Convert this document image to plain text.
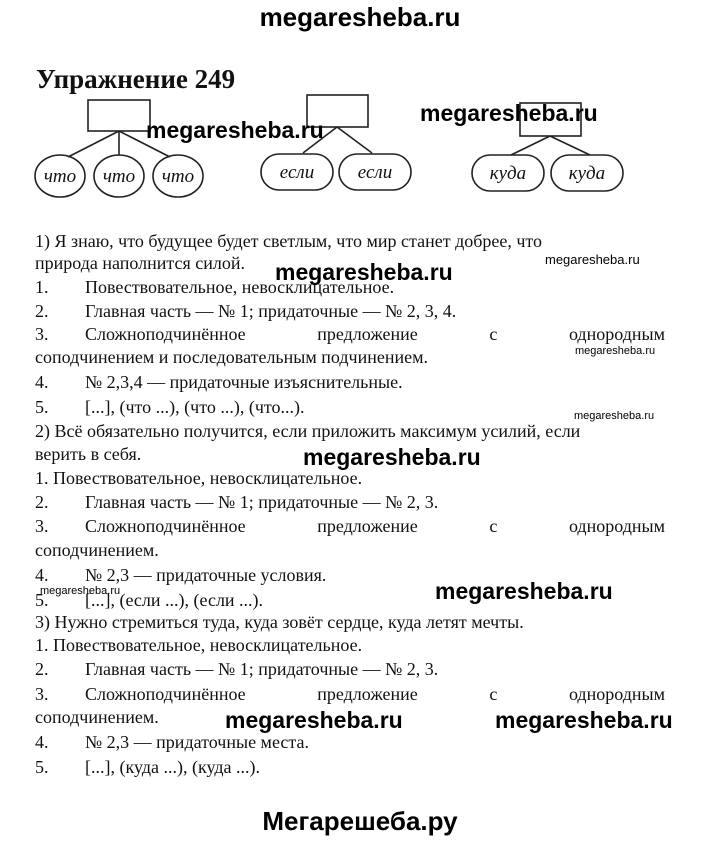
megaresheba.ru
Упражнение 249
что что что	если если	куда куда
1) Я знаю, что будущее будет светлым, что мир станет добрее, что
природа наполнится силой.
1. Повествовательное, невосклицательное.
2. Главная часть — № 1; придаточные — № 2, 3, 4.
3. Сложноподчинённое	предложение	с	однородным
соподчинением и последовательным подчинением.
4. № 2,3,4 — придаточные изъяснительные.
5. [...], (что ...), (что ...), (что...).
2) Всё обязательно получится, если приложить максимум усилий, если
верить в себя.
1. Повествовательное, невосклицательное.
2. Главная часть — № 1; придаточные — № 2, 3.
3. Сложноподчинённое	предложение	с	однородным
соподчинением.
4. № 2,3 — придаточные условия.
5. [...], (если ...), (если ...).
3) Нужно стремиться туда, куда зовёт сердце, куда летят мечты.
1. Повествовательное, невосклицательное.
2. Главная часть — № 1; придаточные — № 2, 3.
3. Сложноподчинённое	предложение	с	однородным
соподчинением.
4. № 2,3 — придаточные места.
5. [...], (куда ...), (куда ...).
megaresheba.ru
megaresheba.ru
megaresheba.ru
megaresheba.ru
megaresheba.ru
megaresheba.ru
megaresheba.ru
megaresheba.ru
megaresheba.ru
megaresheba.ru	megaresheba.ru
Мегарешеба.ру
